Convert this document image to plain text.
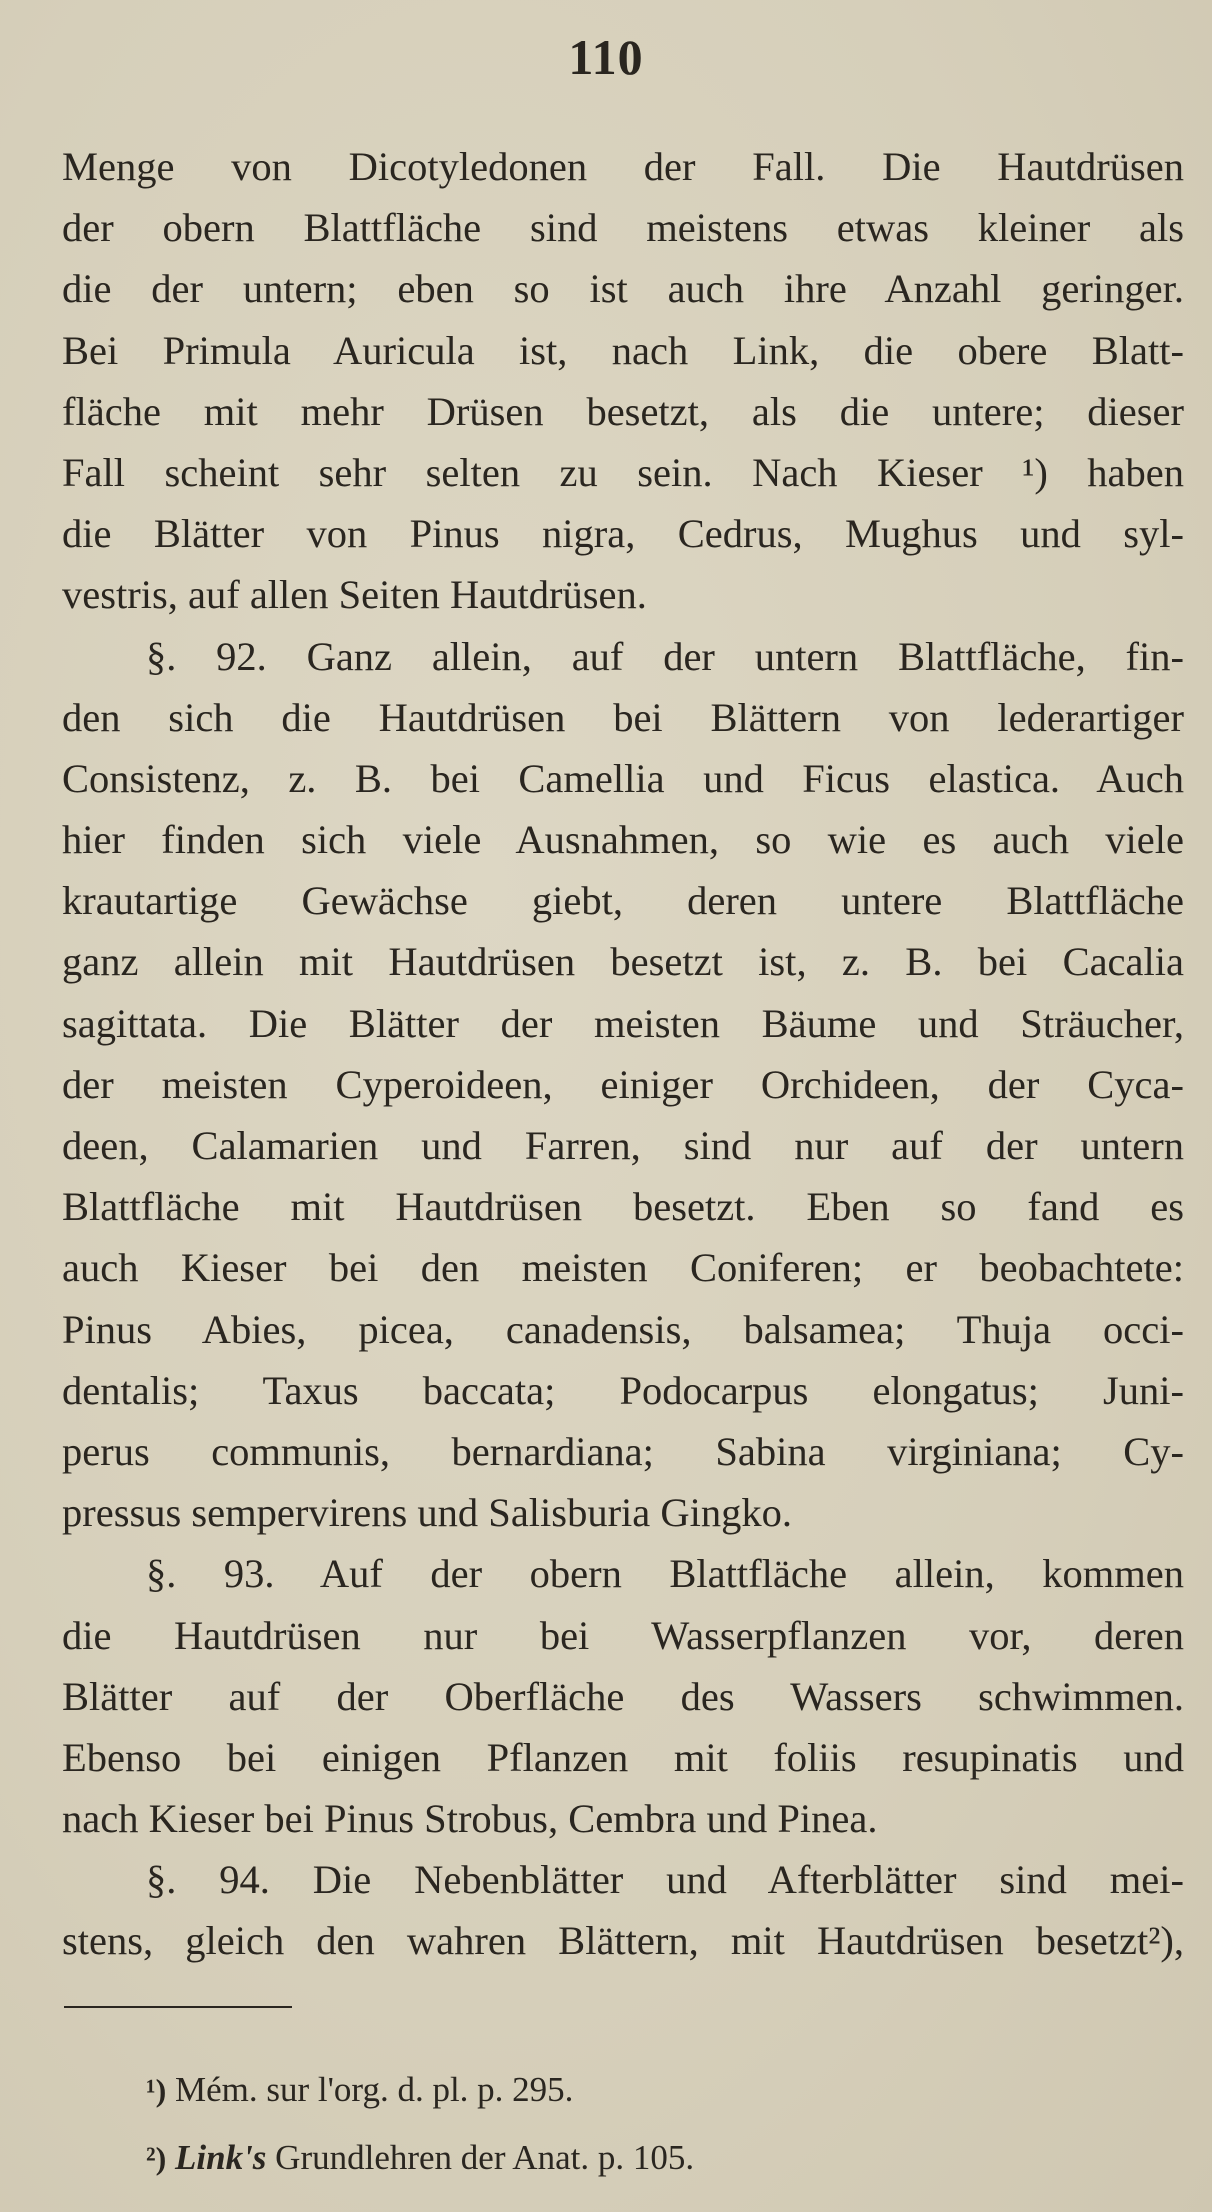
110
Menge von Dicotyledonen der Fall. Die Hautdrüsen
der obern Blattfläche sind meistens etwas kleiner als
die der untern; eben so ist auch ihre Anzahl geringer.
Bei Primula Auricula ist, nach Link, die obere Blatt-
fläche mit mehr Drüsen besetzt, als die untere; dieser
Fall scheint sehr selten zu sein. Nach Kieser ¹) haben
die Blätter von Pinus nigra, Cedrus, Mughus und syl-
vestris, auf allen Seiten Hautdrüsen.
§. 92. Ganz allein, auf der untern Blattfläche, fin-
den sich die Hautdrüsen bei Blättern von lederartiger
Consistenz, z. B. bei Camellia und Ficus elastica. Auch
hier finden sich viele Ausnahmen, so wie es auch viele
krautartige Gewächse giebt, deren untere Blattfläche
ganz allein mit Hautdrüsen besetzt ist, z. B. bei Cacalia
sagittata. Die Blätter der meisten Bäume und Sträucher,
der meisten Cyperoideen, einiger Orchideen, der Cyca-
deen, Calamarien und Farren, sind nur auf der untern
Blattfläche mit Hautdrüsen besetzt. Eben so fand es
auch Kieser bei den meisten Coniferen; er beobachtete:
Pinus Abies, picea, canadensis, balsamea; Thuja occi-
dentalis; Taxus baccata; Podocarpus elongatus; Juni-
perus communis, bernardiana; Sabina virginiana; Cy-
pressus sempervirens und Salisburia Gingko.
§. 93. Auf der obern Blattfläche allein, kommen
die Hautdrüsen nur bei Wasserpflanzen vor, deren
Blätter auf der Oberfläche des Wassers schwimmen.
Ebenso bei einigen Pflanzen mit foliis resupinatis und
nach Kieser bei Pinus Strobus, Cembra und Pinea.
§. 94. Die Nebenblätter und Afterblätter sind mei-
stens, gleich den wahren Blättern, mit Hautdrüsen besetzt²),
¹) Mém. sur l'org. d. pl. p. 295.
²) Link's Grundlehren der Anat. p. 105.
